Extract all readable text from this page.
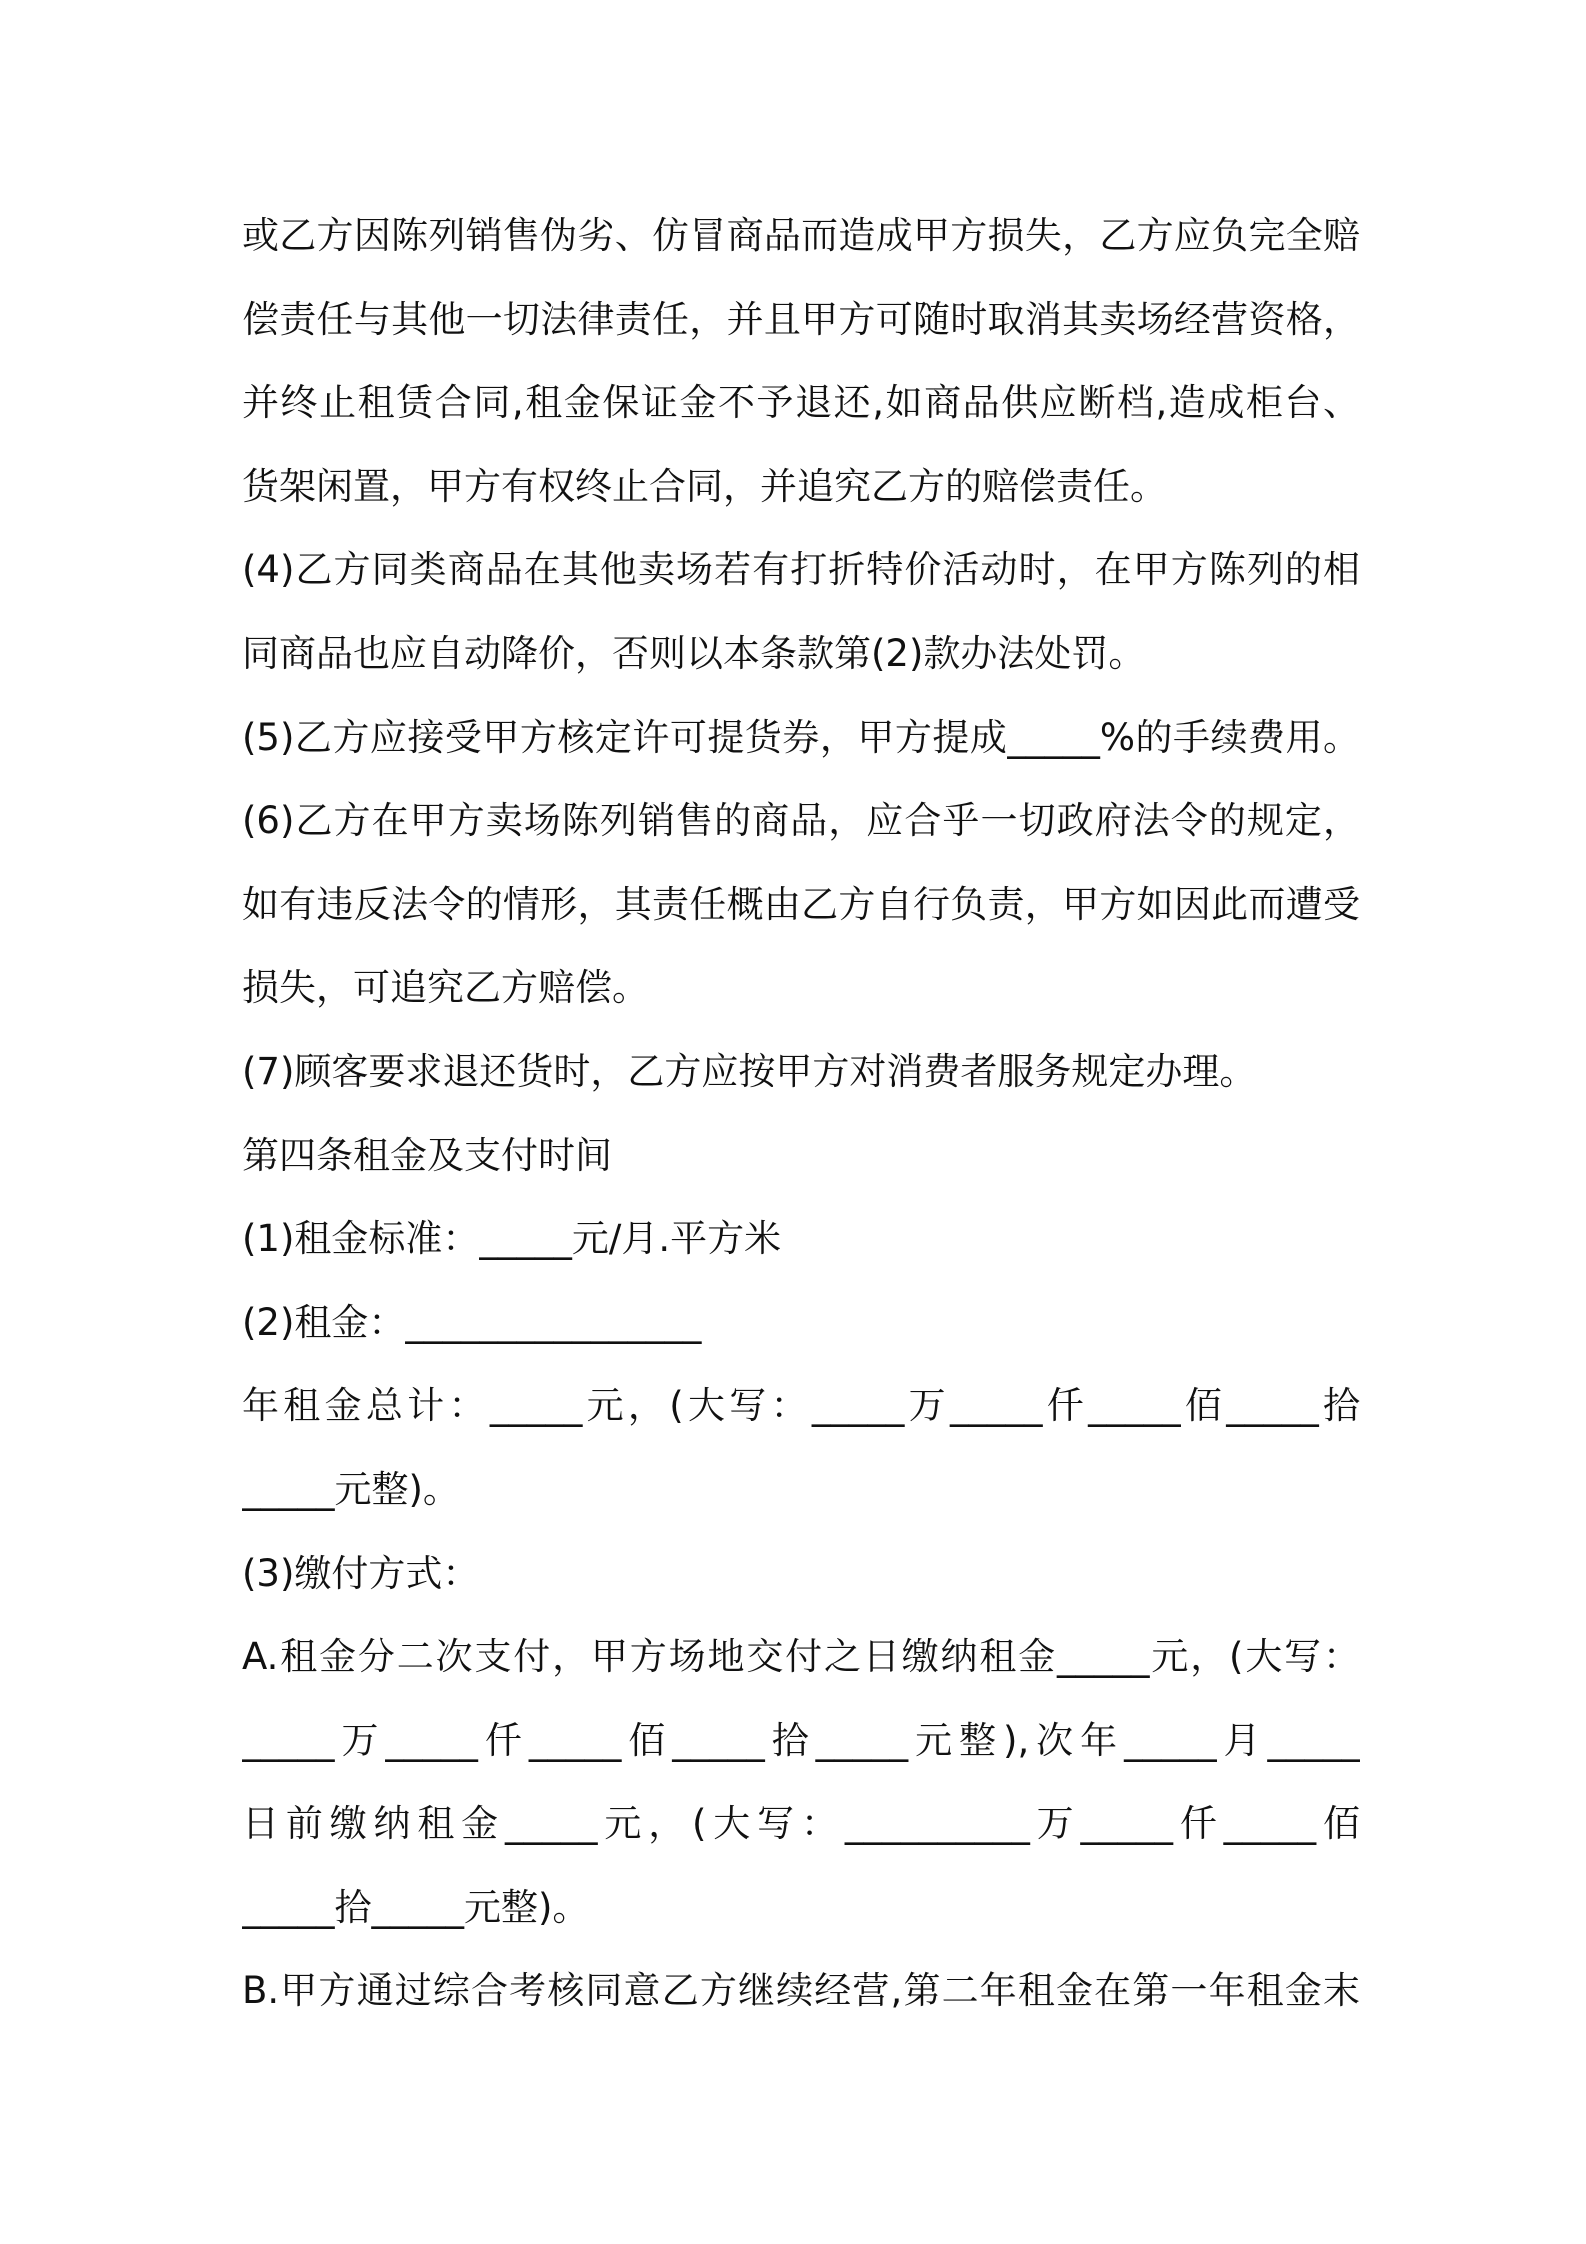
或乙方因陈列销售伪劣、仿冒商品而造成甲方损失，乙方应负完全赔
偿责任与其他一切法律责任，并且甲方可随时取消其卖场经营资格，
并终止租赁合同,租金保证金不予退还,如商品供应断档,造成柜台、
货架闲置，甲方有权终止合同，并追究乙方的赔偿责任。
(4)乙方同类商品在其他卖场若有打折特价活动时，在甲方陈列的相
同商品也应自动降价，否则以本条款第(2)款办法处罚。
(5)乙方应接受甲方核定许可提货券，甲方提成_____%的手续费用。
(6)乙方在甲方卖场陈列销售的商品，应合乎一切政府法令的规定，
如有违反法令的情形，其责任概由乙方自行负责，甲方如因此而遭受
损失，可追究乙方赔偿。
(7)顾客要求退还货时，乙方应按甲方对消费者服务规定办理。
第四条租金及支付时间
(1)租金标准：_____元/月.平方米
(2)租金：________________
年租金总计：_____元，(大写：_____万_____仟_____佰_____拾
_____元整)。
(3)缴付方式：
A.租金分二次支付，甲方场地交付之日缴纳租金_____元，(大写：
_____万_____仟_____佰_____拾_____元整),次年_____月_____
日前缴纳租金_____元，(大写：__________万_____仟_____佰
_____拾_____元整)。
B.甲方通过综合考核同意乙方继续经营,第二年租金在第一年租金末
